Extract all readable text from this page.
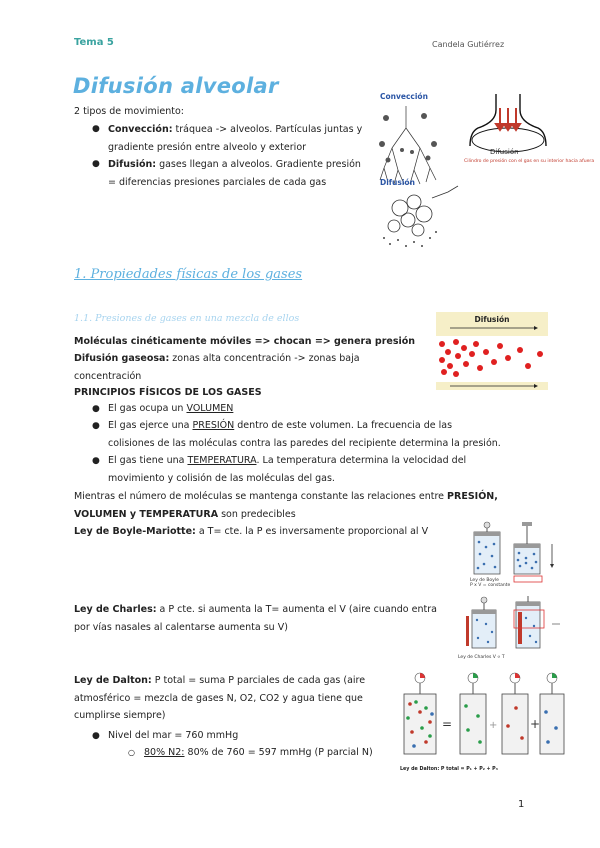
Tema 5	Candela Gutiérrez
Difusión alveolar
2 tipos de movimiento:
● Convección: tráquea -> alveolos. Partículas juntas y
gradiente presión entre alveolo y exterior
● Difusión: gases llegan a alveolos. Gradiente presión
= diferencias presiones parciales de cada gas
Convección
Difusión
Difusión
Cilindro de presión con el gas en su interior hacia afuera
1. Propiedades físicas de los gases
1.1. Presiones de gases en una mezcla de ellos
Moléculas cinéticamente móviles => chocan => genera presión
Difusión gaseosa: zonas alta concentración -> zonas baja
concentración
Difusión
PRINCIPIOS FÍSICOS DE LOS GASES
● El gas ocupa un VOLUMEN
● El gas ejerce una PRESIÓN dentro de este volumen. La frecuencia de las
colisiones de las moléculas contra las paredes del recipiente determina la presión.
● El gas tiene una TEMPERATURA. La temperatura determina la velocidad del
movimiento y colisión de las moléculas del gas.
Mientras el número de moléculas se mantenga constante las relaciones entre PRESIÓN,
VOLUMEN y TEMPERATURA son predecibles
Ley de Boyle-Mariotte: a T= cte. la P es inversamente proporcional al V
Ley de Boyle
P x V = constante
Ley de Charles: a P cte. si aumenta la T= aumenta el V (aire cuando entra
por vías nasales al calentarse aumenta su V)
Ley de Charles V ∝ T
Ley de Dalton: P total = suma P parciales de cada gas (aire
atmosférico = mezcla de gases N, O2, CO2 y agua tiene que
cumplirse siempre)
=	+	+
Ley de Dalton: P total = P₁ + P₂ + P₃
● Nivel del mar = 760 mmHg
○ 80% N2: 80% de 760 = 597 mmHg (P parcial N)
1
